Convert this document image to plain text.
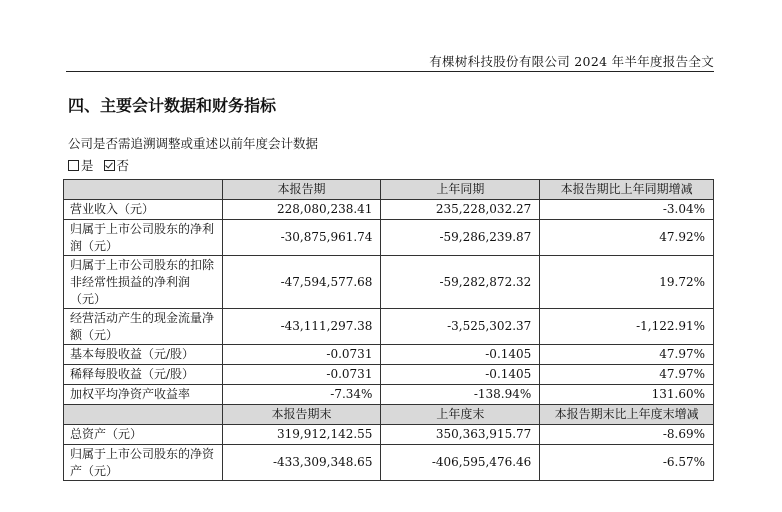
有棵树科技股份有限公司 2024 年半年度报告全文
四、主要会计数据和财务指标
公司是否需追溯调整或重述以前年度会计数据
是 否
	本报告期	上年同期	本报告期比上年同期增减
营业收入（元）	228,080,238.41	235,228,032.27	-3.04%
归属于上市公司股东的净利润（元）	-30,875,961.74	-59,286,239.87	47.92%
归属于上市公司股东的扣除非经常性损益的净利润（元）	-47,594,577.68	-59,282,872.32	19.72%
经营活动产生的现金流量净额（元）	-43,111,297.38	-3,525,302.37	-1,122.91%
基本每股收益（元/股）	-0.0731	-0.1405	47.97%
稀释每股收益（元/股）	-0.0731	-0.1405	47.97%
加权平均净资产收益率	-7.34%	-138.94%	131.60%
	本报告期末	上年度末	本报告期末比上年度末增减
总资产（元）	319,912,142.55	350,363,915.77	-8.69%
归属于上市公司股东的净资产（元）	-433,309,348.65	-406,595,476.46	-6.57%
